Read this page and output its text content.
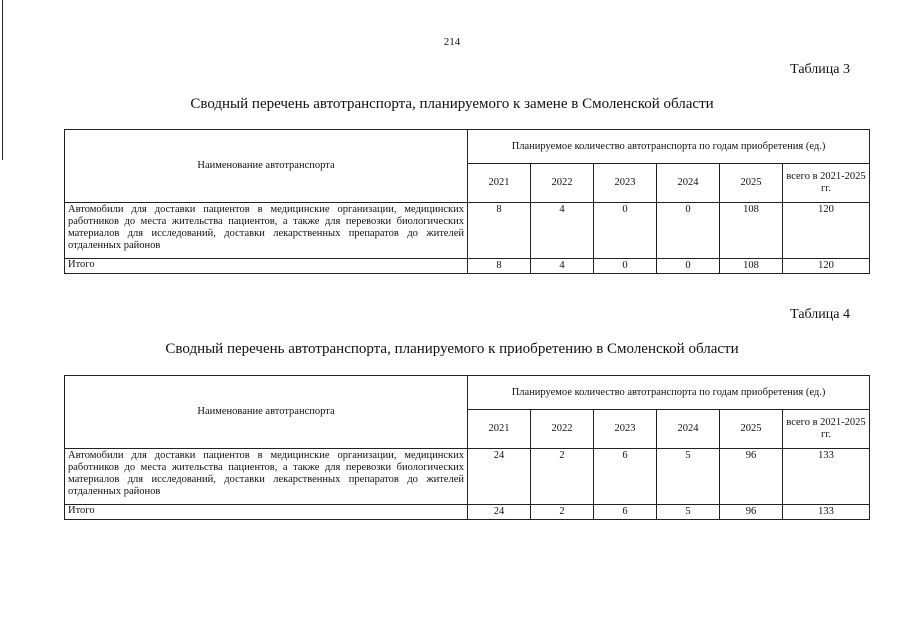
214
Таблица 3
Сводный перечень автотранспорта, планируемого к замене в Смоленской области
Наименование автотранспорта	Планируемое количество автотранспорта по годам приобретения (ед.)					
	2021	2022	2023	2024	2025	всего в 2021-2025 гг.
Автомобили для доставки пациентов в медицинские организации, медицинских работников до места жительства пациентов, а также для перевозки биологических материалов для исследований, доставки лекарственных препаратов до жителей отдаленных районов	8	4	0	0	108	120
Итого	8	4	0	0	108	120
Таблица 4
Сводный перечень автотранспорта, планируемого к приобретению в Смоленской области
Наименование автотранспорта	Планируемое количество автотранспорта по годам приобретения (ед.)					
	2021	2022	2023	2024	2025	всего в 2021-2025 гг.
Автомобили для доставки пациентов в медицинские организации, медицинских работников до места жительства пациентов, а также для перевозки биологических материалов для исследований, доставки лекарственных препаратов до жителей отдаленных районов	24	2	6	5	96	133
Итого	24	2	6	5	96	133
